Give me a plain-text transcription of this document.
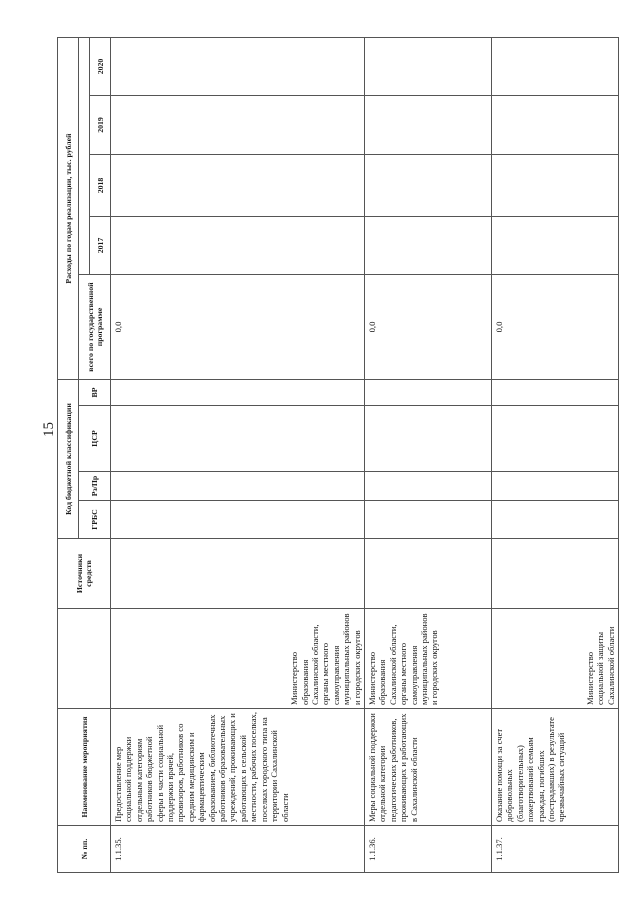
15
№ пп.	Наименование мероприятия		Источники средств	Код бюджетной классификации				Расходы по годам реализации, тыс. рублей				
				ГРБС	Рз/Пр	ЦСР	ВР	всего по государственной программе				
									2017	2018	2019	2020
1.1.35.	Предоставление мер социальной поддержки отдельным категориям работников бюджетной сферы в части социальной поддержки врачей, провизоров, работников со средним медицинским и фармацевтическим образованием, библиотечных работников образовательных учреждений, проживающих и работающих в сельской местности, рабочих поселках, поселках городского типа на территории Сахалинской области	Министерство образования Сахалинской области, органы местного самоуправления муниципальных районов и городских округов						0,0				
1.1.36.	Меры социальной поддержки отдельной категории педагогических работников, проживающих и работающих в Сахалинской области	Министерство образования Сахалинской области, органы местного самоуправления муниципальных районов и городских округов						0,0				
1.1.37.	Оказание помощи за счет добровольных (благотворительных) пожертвований семьям граждан, погибших (пострадавших) в результате чрезвычайных ситуаций	Министерство социальной защиты Сахалинской области						0,0				
